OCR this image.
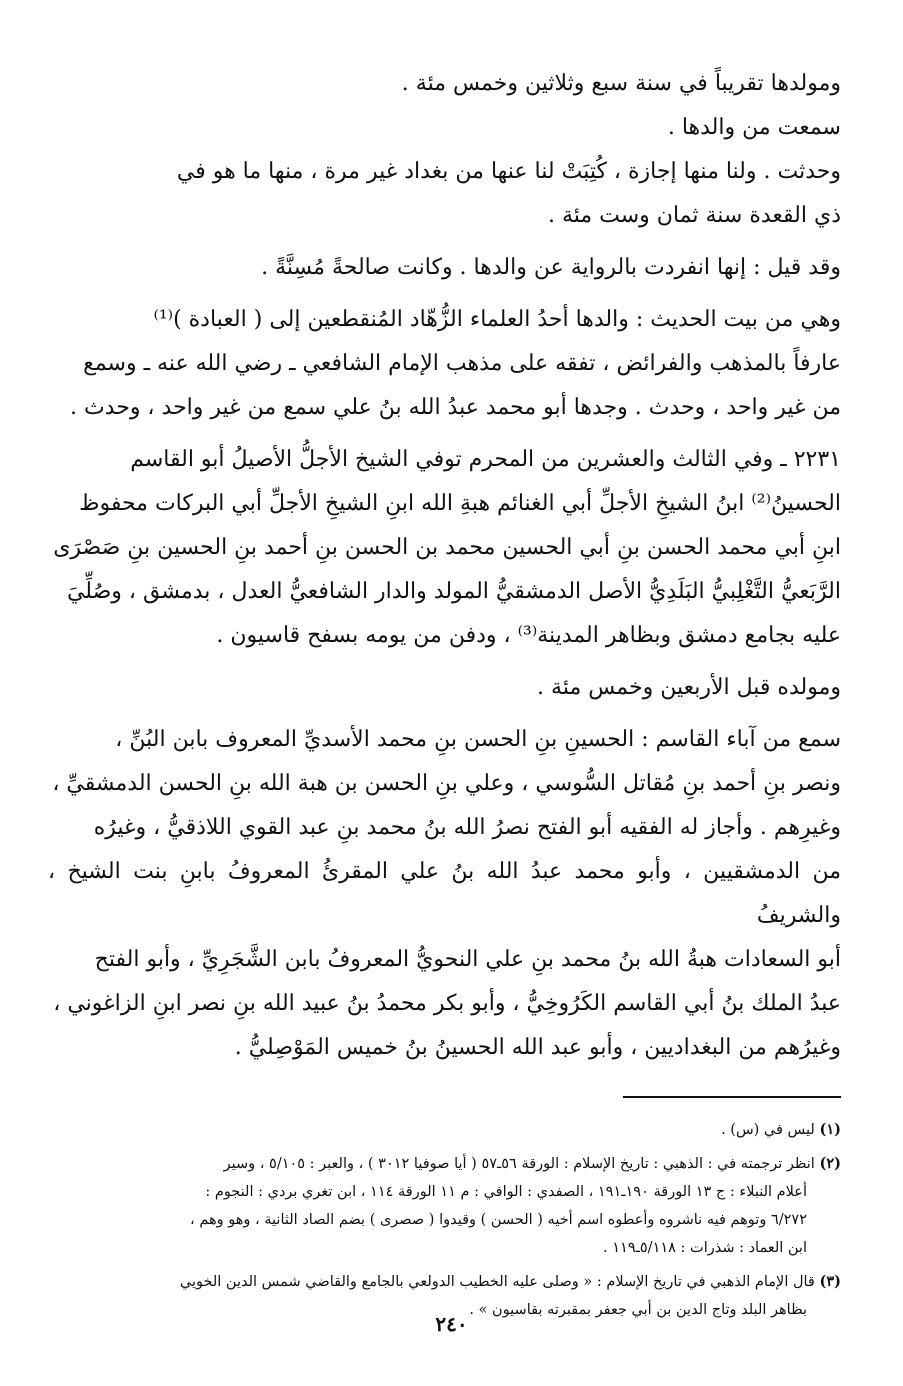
ومولدها تقريباً في سنة سبع وثلاثين وخمس مئة .

سمعت من والدها .

وحدثت . ولنا منها إجازة ، كُتِبَتْ لنا عنها من بغداد غير مرة ، منها ما هو في

ذي القعدة سنة ثمان وست مئة .

وقد قيل : إنها انفردت بالرواية عن والدها . وكانت صالحةً مُسِنَّةً .

وهي من بيت الحديث : والدها أحدُ العلماء الزُّهّاد المُنقطعين إلى ( العبادة )⁽¹⁾

عارفاً بالمذهب والفرائض ، تفقه على مذهب الإمام الشافعي ـ رضي الله عنه ـ وسمع

من غير واحد ، وحدث . وجدها أبو محمد عبدُ الله بنُ علي سمع من غير واحد ، وحدث .

٢٢٣١ ـ وفي الثالث والعشرين من المحرم توفي الشيخ الأجلُّ الأصيلُ أبو القاسم

الحسينُ⁽²⁾ ابنُ الشيخِ الأجلِّ أبي الغنائم هبةِ الله ابنِ الشيخِ الأجلِّ أبي البركات محفوظ

ابنِ أبي محمد الحسن بنِ أبي الحسين محمد بن الحسن بنِ أحمد بنِ الحسين بنِ صَصْرَى

الرَّبَعيُّ التَّغْلِبيُّ البَلَدِيُّ الأصل الدمشقيُّ المولد والدار الشافعيُّ العدل ، بدمشق ، وصُلِّيَ

عليه بجامع دمشق وبظاهر المدينة⁽³⁾ ، ودفن من يومه بسفح قاسيون .

ومولده قبل الأربعين وخمس مئة .

سمع من آباء القاسم : الحسينِ بنِ الحسن بنِ محمد الأسديِّ المعروف بابن البُنِّ ،

ونصر بنِ أحمد بنِ مُقاتل السُّوسي ، وعلي بنِ الحسن بن هبة الله بنِ الحسن الدمشقيِّ ،

وغيرِهم . وأجاز له الفقيه أبو الفتح نصرُ الله بنُ محمد بنِ عبد القوي اللاذقيُّ ، وغيرُه

من الدمشقيين ، وأبو محمد عبدُ الله بنُ علي المقرئُ المعروفُ بابنِ بنت الشيخ ، والشريفُ

أبو السعادات هبةُ الله بنُ محمد بنِ علي النحويُّ المعروفُ بابن الشَّجَرِيِّ ، وأبو الفتح

عبدُ الملك بنُ أبي القاسم الكَرُوخِيُّ ، وأبو بكر محمدُ بنُ عبيد الله بنِ نصر ابنِ الزاغوني ،

وغيرُهم من البغداديين ، وأبو عبد الله الحسينُ بنُ خميس المَوْصِليُّ .

(١) ليس في (س) .

(٢) انظر ترجمته في : الذهبي : تاريخ الإسلام : الورقة ٥٦ـ٥٧ ( أيا صوفيا ٣٠١٢ ) ، والعبر : ٥/١٠٥ ، وسير

أعلام النبلاء : ج ١٣ الورقة ١٩٠ـ١٩١ ، الصفدي : الوافي : م ١١ الورقة ١١٤ ، ابن تغري بردي : النجوم :

٦/٢٧٢ وتوهم فيه ناشروه وأعطوه اسم أخيه ( الحسن ) وقيدوا ( صصرى ) بضم الصاد الثانية ، وهو وهم ،

ابن العماد : شذرات : ٥/١١٨ـ١١٩ .

(٣) قال الإمام الذهبي في تاريخ الإسلام : « وصلى عليه الخطيب الدولعي بالجامع والقاضي شمس الدين الخويي

بظاهر البلد وتاج الدين بن أبي جعفر بمقبرته بقاسيون » .

٢٤٠
